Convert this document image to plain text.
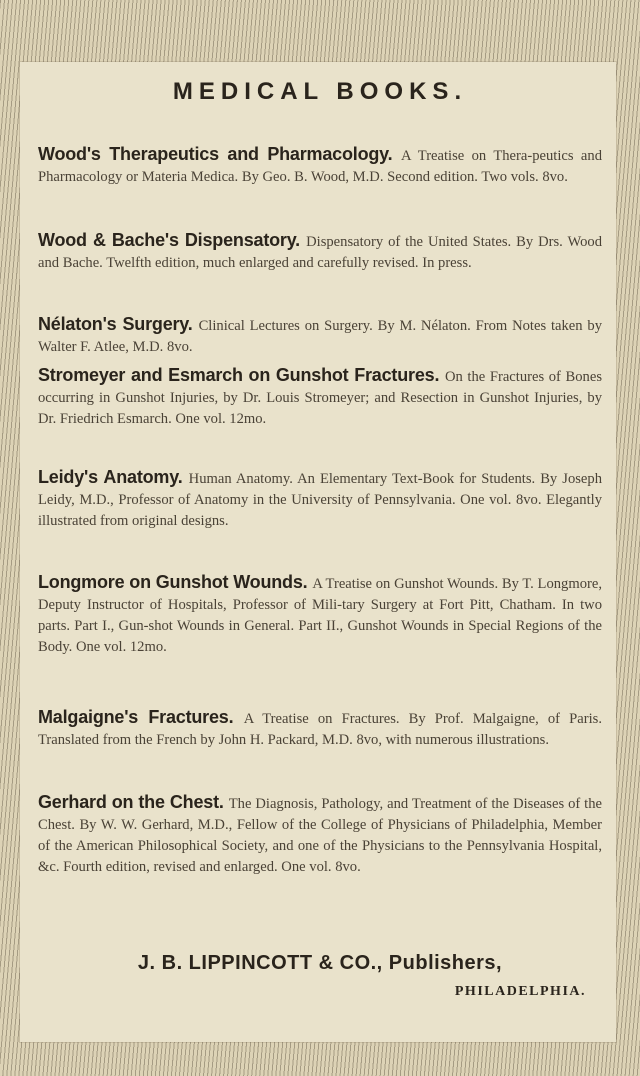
MEDICAL BOOKS.
Wood's Therapeutics and Pharmacology. A Treatise on Thera-peutics and Pharmacology or Materia Medica. By Geo. B. Wood, M.D. Second edition. Two vols. 8vo.
Wood & Bache's Dispensatory. Dispensatory of the United States. By Drs. Wood and Bache. Twelfth edition, much enlarged and carefully revised. In press.
Nélaton's Surgery. Clinical Lectures on Surgery. By M. Nélaton. From Notes taken by Walter F. Atlee, M.D. 8vo.
Stromeyer and Esmarch on Gunshot Fractures. On the Fractures of Bones occurring in Gunshot Injuries, by Dr. Louis Stromeyer; and Resection in Gunshot Injuries, by Dr. Friedrich Esmarch. One vol. 12mo.
Leidy's Anatomy. Human Anatomy. An Elementary Text-Book for Students. By Joseph Leidy, M.D., Professor of Anatomy in the University of Pennsylvania. One vol. 8vo. Elegantly illustrated from original designs.
Longmore on Gunshot Wounds. A Treatise on Gunshot Wounds. By T. Longmore, Deputy Instructor of Hospitals, Professor of Mili-tary Surgery at Fort Pitt, Chatham. In two parts. Part I., Gun-shot Wounds in General. Part II., Gunshot Wounds in Special Regions of the Body. One vol. 12mo.
Malgaigne's Fractures. A Treatise on Fractures. By Prof. Malgaigne, of Paris. Translated from the French by John H. Packard, M.D. 8vo, with numerous illustrations.
Gerhard on the Chest. The Diagnosis, Pathology, and Treatment of the Diseases of the Chest. By W. W. Gerhard, M.D., Fellow of the College of Physicians of Philadelphia, Member of the American Philosophical Society, and one of the Physicians to the Pennsylvania Hospital, &c. Fourth edition, revised and enlarged. One vol. 8vo.
J. B. LIPPINCOTT & CO., Publishers,
PHILADELPHIA.
